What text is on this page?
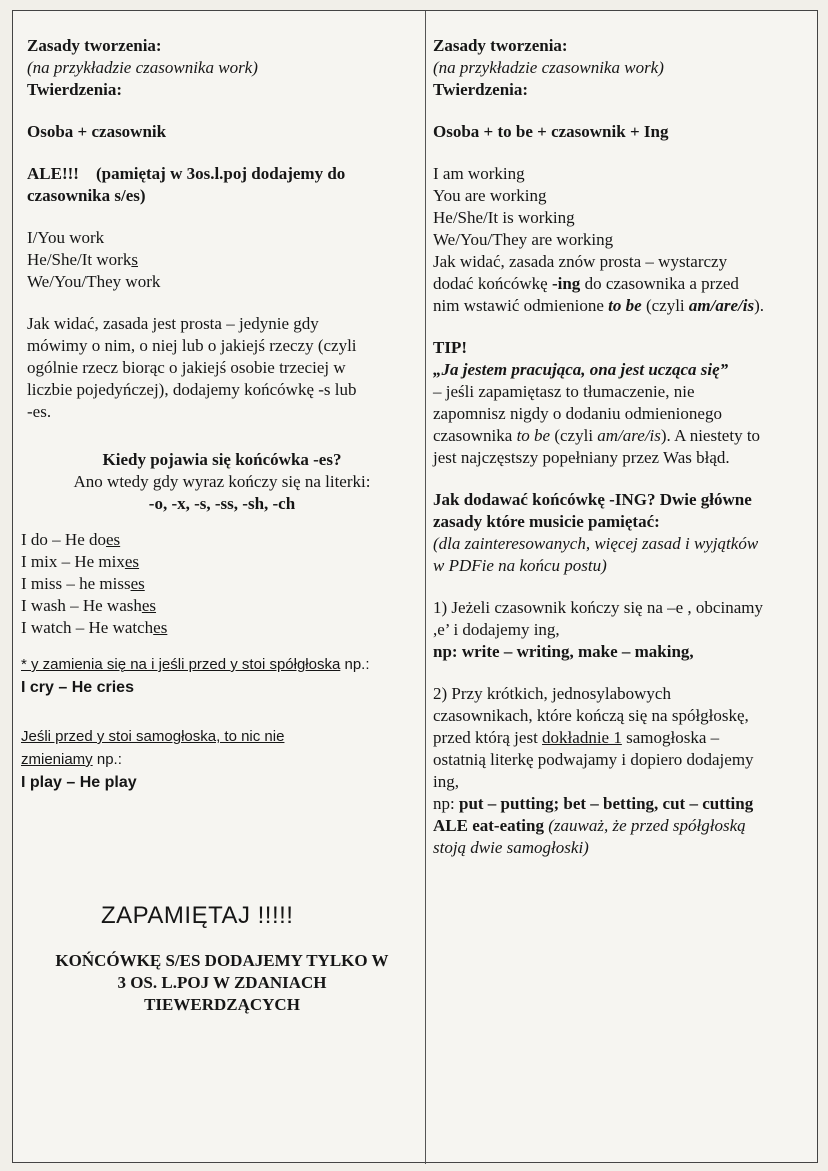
Zasady tworzenia:
(na przykładzie czasownika work)
Twierdzenia:
Osoba + czasownik
ALE!!! (pamiętaj w 3os.l.poj dodajemy do
czasownika s/es)
I/You work
He/She/It works
We/You/They work
Jak widać, zasada jest prosta – jedynie gdy
mówimy o nim, o niej lub o jakiejś rzeczy (czyli
ogólnie rzecz biorąc o jakiejś osobie trzeciej w
liczbie pojedyńczej), dodajemy końcówkę -s lub
-es.
Kiedy pojawia się końcówka -es?
Ano wtedy gdy wyraz kończy się na literki:
-o, -x, -s, -ss, -sh, -ch
I do – He does
I mix – He mixes
I miss – he misses
I wash – He washes
I watch – He watches
* y zamienia się na i jeśli przed y stoi spółgłoska np.:
I cry – He cries
Jeśli przed y stoi samogłoska, to nic nie
zmieniamy np.:
I play – He play
ZAPAMIĘTAJ !!!!!
KOŃCÓWKĘ S/ES DODAJEMY TYLKO W
3 OS. L.POJ W ZDANIACH
TIEWERDZĄCYCH
Zasady tworzenia:
(na przykładzie czasownika work)
Twierdzenia:
Osoba + to be + czasownik + Ing
I am working
You are working
He/She/It is working
We/You/They are working
Jak widać, zasada znów prosta – wystarczy
dodać końcówkę -ing do czasownika a przed
nim wstawić odmienione to be (czyli am/are/is).
TIP!
„Ja jestem pracująca, ona jest ucząca się”
– jeśli zapamiętasz to tłumaczenie, nie
zapomnisz nigdy o dodaniu odmienionego
czasownika to be (czyli am/are/is). A niestety to
jest najczęstszy popełniany przez Was błąd.
Jak dodawać końcówkę -ING? Dwie główne
zasady które musicie pamiętać:
(dla zainteresowanych, więcej zasad i wyjątków
w PDFie na końcu postu)
1) Jeżeli czasownik kończy się na –e , obcinamy
,e’ i dodajemy ing,
np: write – writing, make – making,
2) Przy krótkich, jednosylabowych
czasownikach, które kończą się na spółgłoskę,
przed którą jest dokładnie 1 samogłoska –
ostatnią literkę podwajamy i dopiero dodajemy
ing,
np: put – putting; bet – betting, cut – cutting
ALE eat-eating (zauważ, że przed spółgłoską
stoją dwie samogłoski)
